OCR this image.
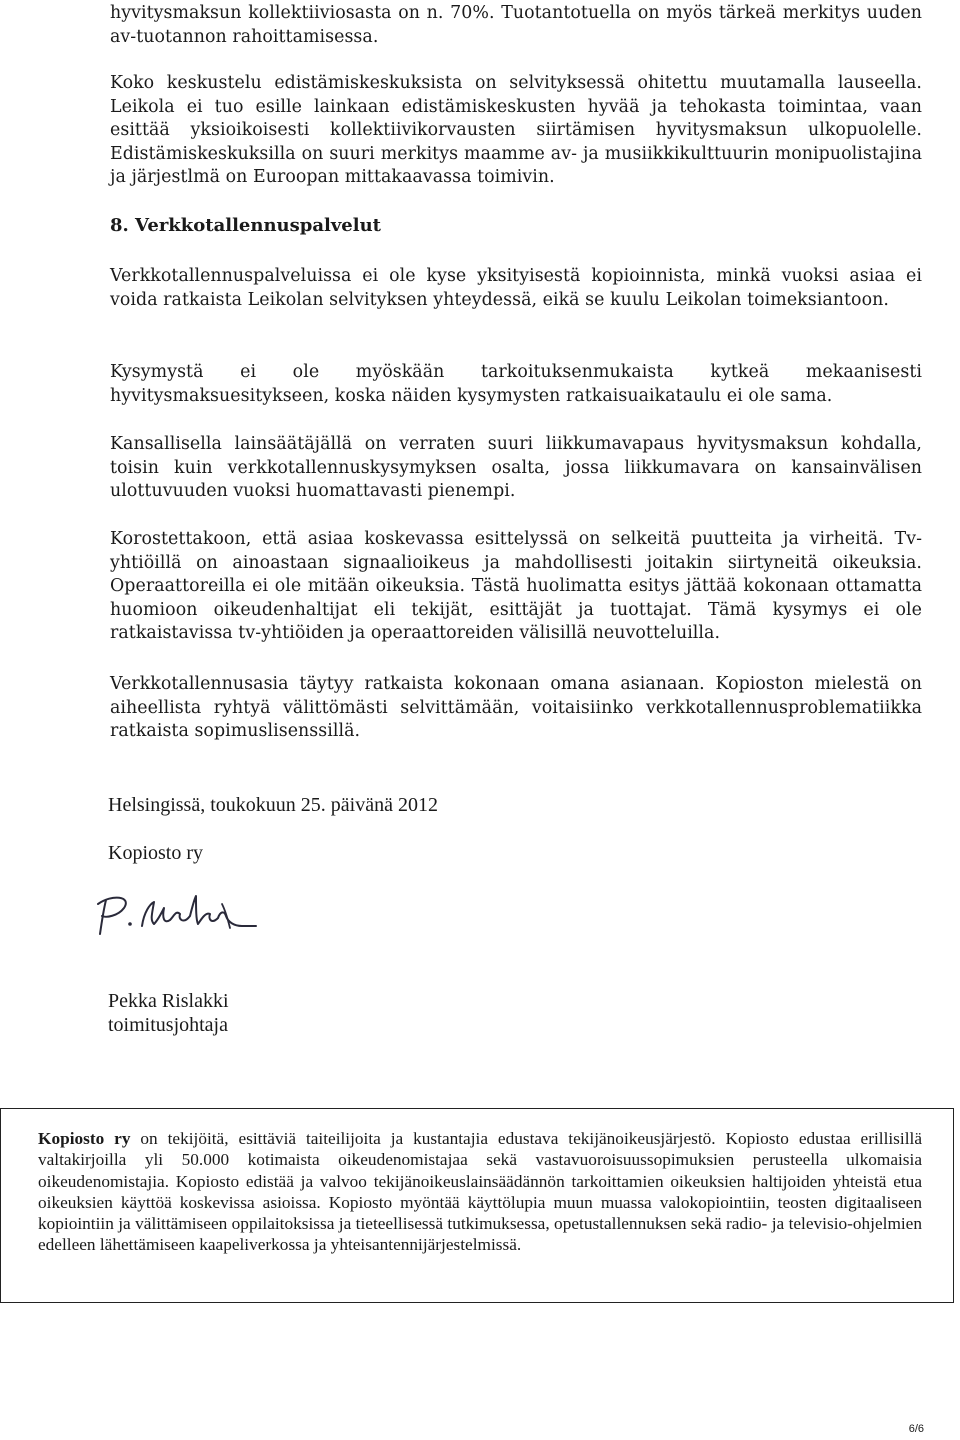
hyvitysmaksun kollektiiviosasta on n. 70%. Tuotantotuella on myös tärkeä merkitys uuden av-tuotannon rahoittamisessa.

Koko keskustelu edistämiskeskuksista on selvityksessä ohitettu muutamalla lauseella. Leikola ei tuo esille lainkaan edistämiskeskusten hyvää ja tehokasta toimintaa, vaan esittää yksioikoisesti kollektiivikorvausten siirtämisen hyvitysmaksun ulkopuolelle. Edistämiskeskuksilla on suuri merkitys maamme av- ja musiikkikulttuurin monipuolistajina ja järjestlmä on Euroopan mittakaavassa toimivin.

8. Verkkotallennuspalvelut

Verkkotallennuspalveluissa ei ole kyse yksityisestä kopioinnista, minkä vuoksi asiaa ei voida ratkaista Leikolan selvityksen yhteydessä, eikä se kuulu Leikolan toimeksiantoon.

Kysymystä ei ole myöskään tarkoituksenmukaista kytkeä mekaanisesti hyvitysmaksuesitykseen, koska näiden kysymysten ratkaisuaikataulu ei ole sama.

Kansallisella lainsäätäjällä on verraten suuri liikkumavapaus hyvitysmaksun kohdalla, toisin kuin verkkotallennuskysymyksen osalta, jossa liikkumavara on kansainvälisen ulottuvuuden vuoksi huomattavasti pienempi.

Korostettakoon, että asiaa koskevassa esittelyssä on selkeitä puutteita ja virheitä. Tv-yhtiöillä on ainoastaan signaalioikeus ja mahdollisesti joitakin siirtyneitä oikeuksia. Operaattoreilla ei ole mitään oikeuksia. Tästä huolimatta esitys jättää kokonaan ottamatta huomioon oikeudenhaltijat eli tekijät, esittäjät ja tuottajat. Tämä kysymys ei ole ratkaistavissa tv-yhtiöiden ja operaattoreiden välisillä neuvotteluilla.

Verkkotallennusasia täytyy ratkaista kokonaan omana asianaan. Kopioston mielestä on aiheellista ryhtyä välittömästi selvittämään, voitaisiinko verkkotallennusproblematiikka ratkaista sopimuslisenssillä.

Helsingissä, toukokuun 25. päivänä 2012

Kopiosto ry

Pekka Rislakki

toimitusjohtaja

Kopiosto ry on tekijöitä, esittäviä taiteilijoita ja kustantajia edustava tekijänoikeusjärjestö. Kopiosto edustaa erillisillä valtakirjoilla yli 50.000 kotimaista oikeudenomistajaa sekä vastavuoroisuussopimuksien perusteella ulkomaisia oikeudenomistajia. Kopiosto edistää ja valvoo tekijänoikeuslainsäädännön tarkoittamien oikeuksien haltijoiden yhteistä etua oikeuksien käyttöä koskevissa asioissa. Kopiosto myöntää käyttölupia muun muassa valokopiointiin, teosten digitaaliseen kopiointiin ja välittämiseen oppilaitoksissa ja tieteellisessä tutkimuksessa, opetustallennuksen sekä radio- ja televisio-ohjelmien edelleen lähettämiseen kaapeliverkossa ja yhteisantennijärjestelmissä.

6/6
